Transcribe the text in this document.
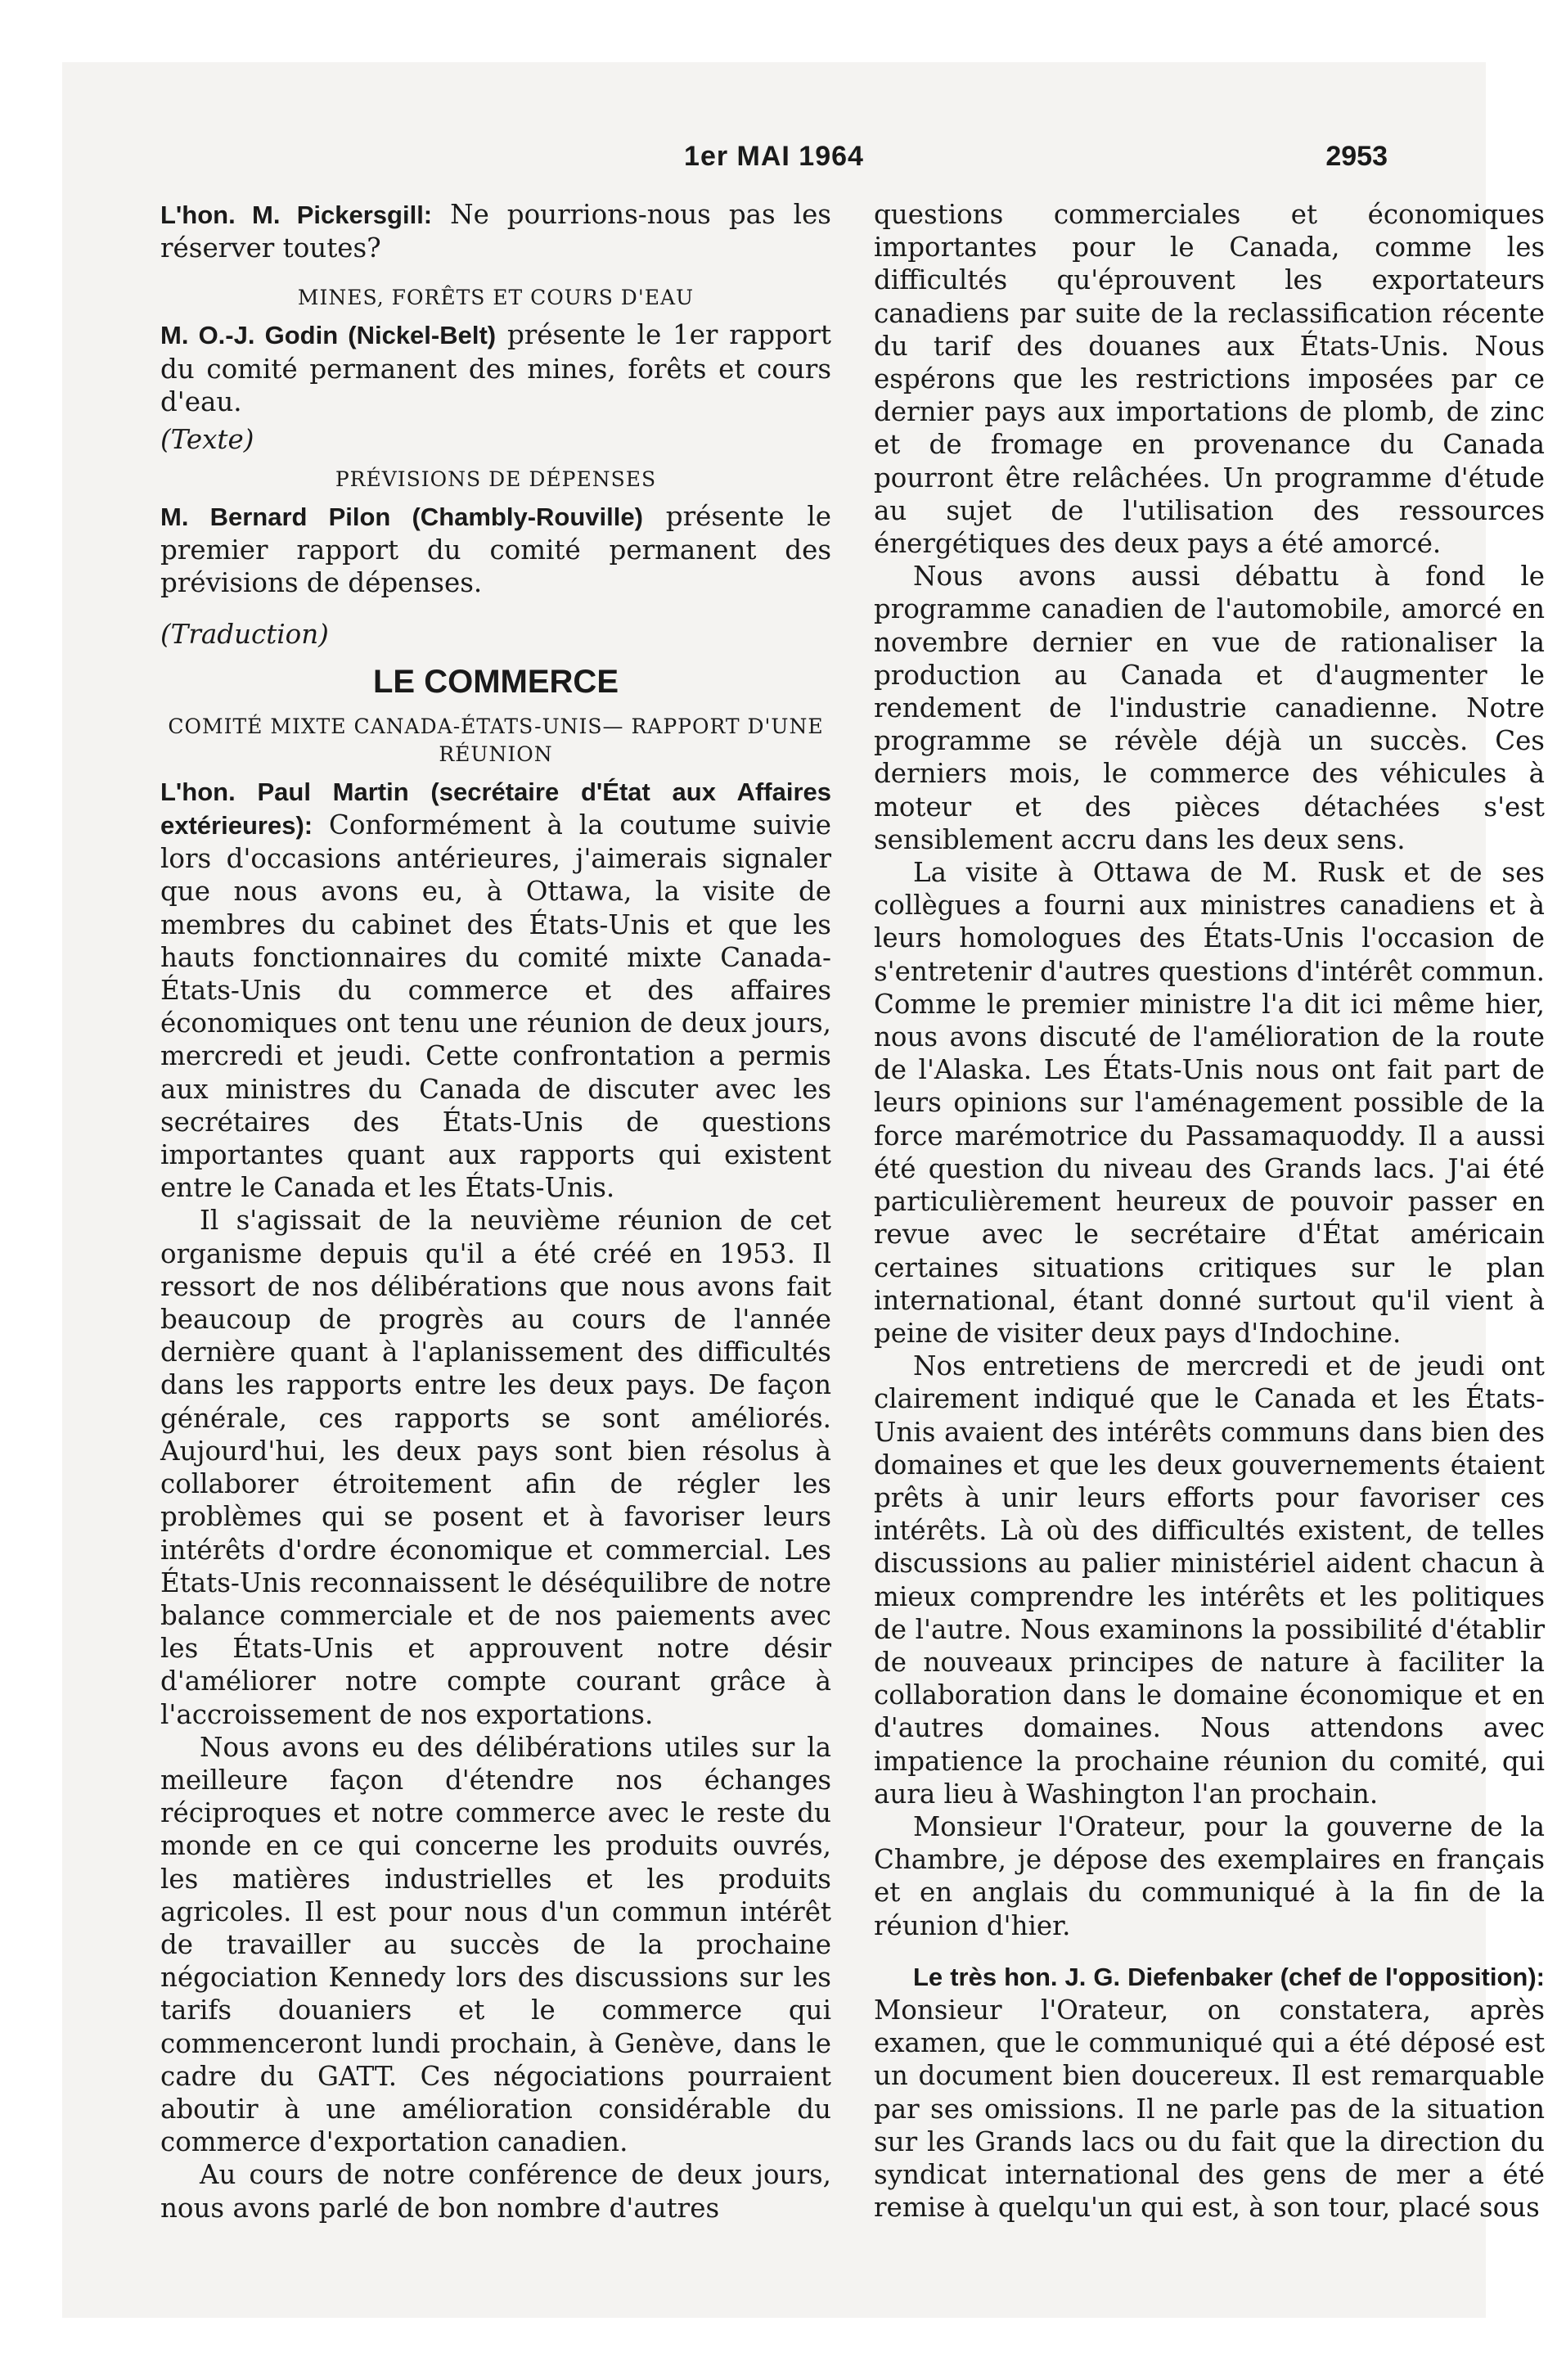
1er MAI 1964	2953

L'hon. M. Pickersgill: Ne pourrions-nous pas les réserver toutes?

MINES, FORÊTS ET COURS D'EAU

M. O.-J. Godin (Nickel-Belt) présente le 1er rapport du comité permanent des mines, forêts et cours d'eau.

(Texte)
PRÉVISIONS DE DÉPENSES

M. Bernard Pilon (Chambly-Rouville) présente le premier rapport du comité permanent des prévisions de dépenses.

(Traduction)

LE COMMERCE
COMITÉ MIXTE CANADA-ÉTATS-UNIS— RAPPORT D'UNE RÉUNION

L'hon. Paul Martin (secrétaire d'État aux Affaires extérieures): Conformément à la coutume suivie lors d'occasions antérieures, j'aimerais signaler que nous avons eu, à Ottawa, la visite de membres du cabinet des États-Unis et que les hauts fonctionnaires du comité mixte Canada-États-Unis du commerce et des affaires économiques ont tenu une réunion de deux jours, mercredi et jeudi. Cette confrontation a permis aux ministres du Canada de discuter avec les secrétaires des États-Unis de questions importantes quant aux rapports qui existent entre le Canada et les États-Unis.

Il s'agissait de la neuvième réunion de cet organisme depuis qu'il a été créé en 1953. Il ressort de nos délibérations que nous avons fait beaucoup de progrès au cours de l'année dernière quant à l'aplanissement des difficultés dans les rapports entre les deux pays. De façon générale, ces rapports se sont améliorés. Aujourd'hui, les deux pays sont bien résolus à collaborer étroitement afin de régler les problèmes qui se posent et à favoriser leurs intérêts d'ordre économique et commercial. Les États-Unis reconnaissent le déséquilibre de notre balance commerciale et de nos paiements avec les États-Unis et approuvent notre désir d'améliorer notre compte courant grâce à l'accroissement de nos exportations.

Nous avons eu des délibérations utiles sur la meilleure façon d'étendre nos échanges réciproques et notre commerce avec le reste du monde en ce qui concerne les produits ouvrés, les matières industrielles et les produits agricoles. Il est pour nous d'un commun intérêt de travailler au succès de la prochaine négociation Kennedy lors des discussions sur les tarifs douaniers et le commerce qui commenceront lundi prochain, à Genève, dans le cadre du GATT. Ces négociations pourraient aboutir à une amélioration considérable du commerce d'exportation canadien.

Au cours de notre conférence de deux jours, nous avons parlé de bon nombre d'autres

questions commerciales et économiques importantes pour le Canada, comme les difficultés qu'éprouvent les exportateurs canadiens par suite de la reclassification récente du tarif des douanes aux États-Unis. Nous espérons que les restrictions imposées par ce dernier pays aux importations de plomb, de zinc et de fromage en provenance du Canada pourront être relâchées. Un programme d'étude au sujet de l'utilisation des ressources énergétiques des deux pays a été amorcé.

Nous avons aussi débattu à fond le programme canadien de l'automobile, amorcé en novembre dernier en vue de rationaliser la production au Canada et d'augmenter le rendement de l'industrie canadienne. Notre programme se révèle déjà un succès. Ces derniers mois, le commerce des véhicules à moteur et des pièces détachées s'est sensiblement accru dans les deux sens.

La visite à Ottawa de M. Rusk et de ses collègues a fourni aux ministres canadiens et à leurs homologues des États-Unis l'occasion de s'entretenir d'autres questions d'intérêt commun. Comme le premier ministre l'a dit ici même hier, nous avons discuté de l'amélioration de la route de l'Alaska. Les États-Unis nous ont fait part de leurs opinions sur l'aménagement possible de la force marémotrice du Passamaquoddy. Il a aussi été question du niveau des Grands lacs. J'ai été particulièrement heureux de pouvoir passer en revue avec le secrétaire d'État américain certaines situations critiques sur le plan international, étant donné surtout qu'il vient à peine de visiter deux pays d'Indochine.

Nos entretiens de mercredi et de jeudi ont clairement indiqué que le Canada et les États-Unis avaient des intérêts communs dans bien des domaines et que les deux gouvernements étaient prêts à unir leurs efforts pour favoriser ces intérêts. Là où des difficultés existent, de telles discussions au palier ministériel aident chacun à mieux comprendre les intérêts et les politiques de l'autre. Nous examinons la possibilité d'établir de nouveaux principes de nature à faciliter la collaboration dans le domaine économique et en d'autres domaines. Nous attendons avec impatience la prochaine réunion du comité, qui aura lieu à Washington l'an prochain.

Monsieur l'Orateur, pour la gouverne de la Chambre, je dépose des exemplaires en français et en anglais du communiqué à la fin de la réunion d'hier.

Le très hon. J. G. Diefenbaker (chef de l'opposition): Monsieur l'Orateur, on constatera, après examen, que le communiqué qui a été déposé est un document bien doucereux. Il est remarquable par ses omissions. Il ne parle pas de la situation sur les Grands lacs ou du fait que la direction du syndicat international des gens de mer a été remise à quelqu'un qui est, à son tour, placé sous
